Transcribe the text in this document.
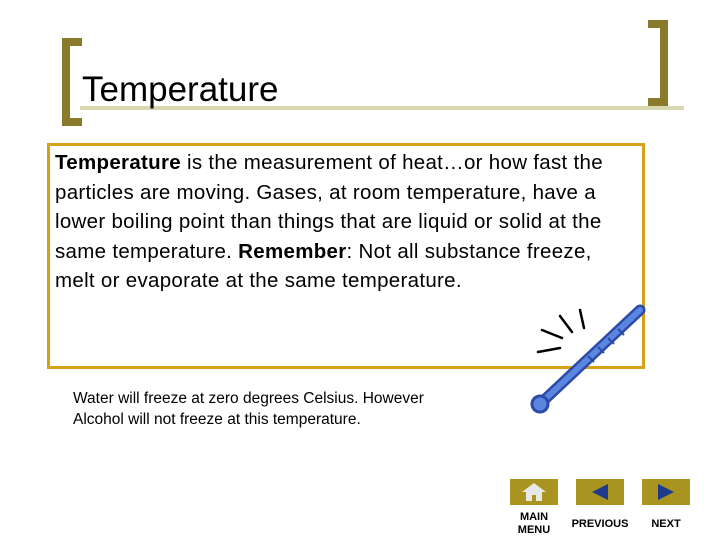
Temperature
Temperature is the measurement of heat…or how fast the particles are moving. Gases, at room temperature, have a lower boiling point than things that are liquid or solid at the same temperature. Remember: Not all substance freeze, melt or evaporate at the same temperature.
Water will freeze at zero degrees Celsius. However Alcohol will not freeze at this temperature.
MAIN
MENU	PREVIOUS	NEXT
